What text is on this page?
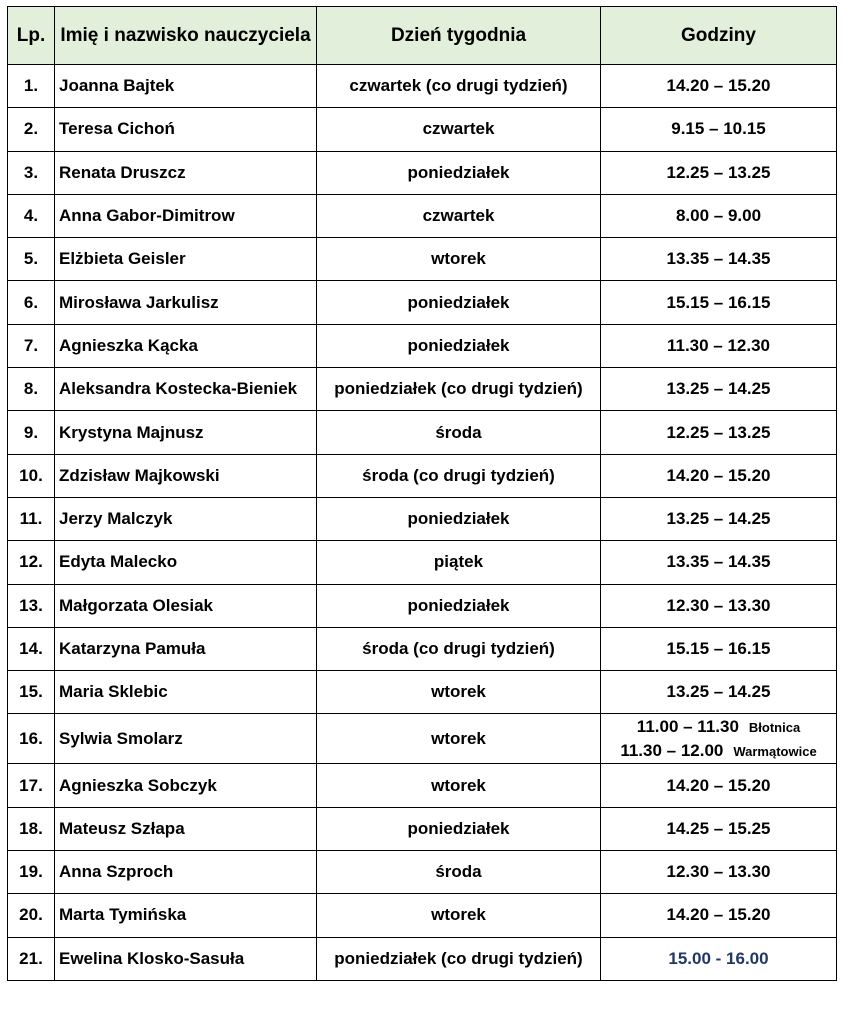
Lp.	Imię i nazwisko nauczyciela	Dzień tygodnia	Godziny
1.	Joanna Bajtek	czwartek (co drugi tydzień)	14.20 – 15.20
2.	Teresa Cichoń	czwartek	9.15 – 10.15
3.	Renata Druszcz	poniedziałek	12.25 – 13.25
4.	Anna Gabor-Dimitrow	czwartek	8.00 – 9.00
5.	Elżbieta Geisler	wtorek	13.35 – 14.35
6.	Mirosława Jarkulisz	poniedziałek	15.15 – 16.15
7.	Agnieszka Kącka	poniedziałek	11.30 – 12.30
8.	Aleksandra Kostecka-Bieniek	poniedziałek (co drugi tydzień)	13.25 – 14.25
9.	Krystyna Majnusz	środa	12.25 – 13.25
10.	Zdzisław Majkowski	środa (co drugi tydzień)	14.20 – 15.20
11.	Jerzy Malczyk	poniedziałek	13.25 – 14.25
12.	Edyta Malecko	piątek	13.35 – 14.35
13.	Małgorzata Olesiak	poniedziałek	12.30 – 13.30
14.	Katarzyna Pamuła	środa (co drugi tydzień)	15.15 – 16.15
15.	Maria Sklebic	wtorek	13.25 – 14.25
16.	Sylwia Smolarz	wtorek	11.00 – 11.30 Błotnica
11.30 – 12.00 Warmątowice

17.	Agnieszka Sobczyk	wtorek	14.20 – 15.20
18.	Mateusz Szłapa	poniedziałek	14.25 – 15.25
19.	Anna Szproch	środa	12.30 – 13.30
20.	Marta Tymińska	wtorek	14.20 – 15.20
21.	Ewelina Klosko-Sasuła	poniedziałek (co drugi tydzień)	15.00 - 16.00
